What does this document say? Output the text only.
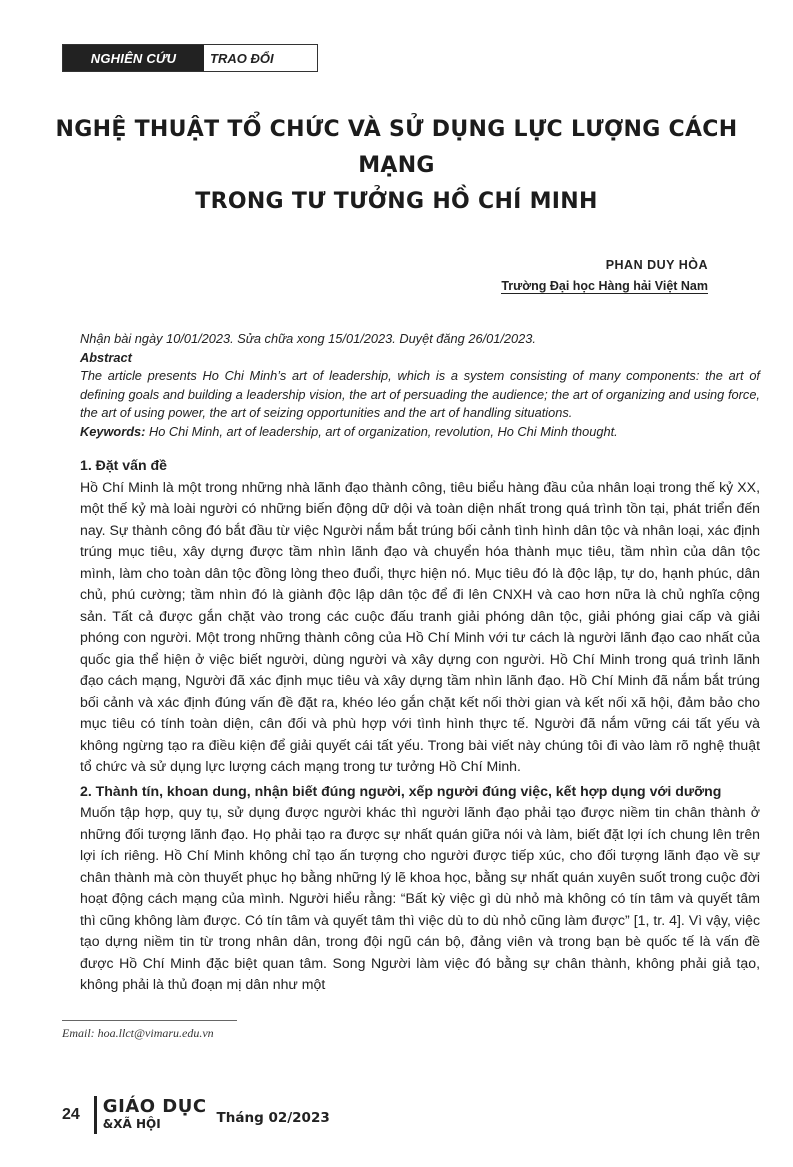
NGHIÊN CỨU	TRAO ĐỔI
NGHỆ THUẬT TỔ CHỨC VÀ SỬ DỤNG LỰC LƯỢNG CÁCH MẠNG
TRONG TƯ TƯỞNG HỒ CHÍ MINH
PHAN DUY HÒA
Trường Đại học Hàng hải Việt Nam
Nhận bài ngày 10/01/2023. Sửa chữa xong 15/01/2023. Duyệt đăng 26/01/2023.
Abstract
The article presents Ho Chi Minh’s art of leadership, which is a system consisting of many components: the art of defining goals and building a leadership vision, the art of persuading the audience; the art of organizing and using force, the art of using power, the art of seizing opportunities and the art of handling situations.
Keywords: Ho Chi Minh, art of leadership, art of organization, revolution, Ho Chi Minh thought.
1. Đặt vấn đề

Hồ Chí Minh là một trong những nhà lãnh đạo thành công, tiêu biểu hàng đầu của nhân loại trong thế kỷ XX, một thế kỷ mà loài người có những biến động dữ dội và toàn diện nhất trong quá trình tồn tại, phát triển đến nay. Sự thành công đó bắt đầu từ việc Người nắm bắt trúng bối cảnh tình hình dân tộc và nhân loại, xác định trúng mục tiêu, xây dựng được tầm nhìn lãnh đạo và chuyển hóa thành mục tiêu, tầm nhìn của dân tộc mình, làm cho toàn dân tộc đồng lòng theo đuổi, thực hiện nó. Mục tiêu đó là độc lập, tự do, hạnh phúc, dân chủ, phú cường; tầm nhìn đó là giành độc lập dân tộc để đi lên CNXH và cao hơn nữa là chủ nghĩa cộng sản. Tất cả được gắn chặt vào trong các cuộc đấu tranh giải phóng dân tộc, giải phóng giai cấp và giải phóng con người. Một trong những thành công của Hồ Chí Minh với tư cách là người lãnh đạo cao nhất của quốc gia thể hiện ở việc biết người, dùng người và xây dựng con người. Hồ Chí Minh trong quá trình lãnh đạo cách mạng, Người đã xác định mục tiêu và xây dựng tầm nhìn lãnh đạo. Hồ Chí Minh đã nắm bắt trúng bối cảnh và xác định đúng vấn đề đặt ra, khéo léo gắn chặt kết nối thời gian và kết nối xã hội, đảm bảo cho mục tiêu có tính toàn diện, cân đối và phù hợp với tình hình thực tế. Người đã nắm vững cái tất yếu và không ngừng tạo ra điều kiện để giải quyết cái tất yếu. Trong bài viết này chúng tôi đi vào làm rõ nghệ thuật tổ chức và sử dụng lực lượng cách mạng trong tư tưởng Hồ Chí Minh.

2. Thành tín, khoan dung, nhận biết đúng người, xếp người đúng việc, kết hợp dụng với dưỡng

Muốn tập hợp, quy tụ, sử dụng được người khác thì người lãnh đạo phải tạo được niềm tin chân thành ở những đối tượng lãnh đạo. Họ phải tạo ra được sự nhất quán giữa nói và làm, biết đặt lợi ích chung lên trên lợi ích riêng. Hồ Chí Minh không chỉ tạo ấn tượng cho người được tiếp xúc, cho đối tượng lãnh đạo về sự chân thành mà còn thuyết phục họ bằng những lý lẽ khoa học, bằng sự nhất quán xuyên suốt trong cuộc đời hoạt động cách mạng của mình. Người hiểu rằng: “Bất kỳ việc gì dù nhỏ mà không có tín tâm và quyết tâm thì cũng không làm được. Có tín tâm và quyết tâm thì việc dù to dù nhỏ cũng làm được” [1, tr. 4]. Vì vậy, việc tạo dựng niềm tin từ trong nhân dân, trong đội ngũ cán bộ, đảng viên và trong bạn bè quốc tế là vấn đề được Hồ Chí Minh đặc biệt quan tâm. Song Người làm việc đó bằng sự chân thành, không phải giả tạo, không phải là thủ đoạn mị dân như một

Email: hoa.llct@vimaru.edu.vn
24 GIÁO DỤC
&XÃ HỘI	Tháng 02/2023
